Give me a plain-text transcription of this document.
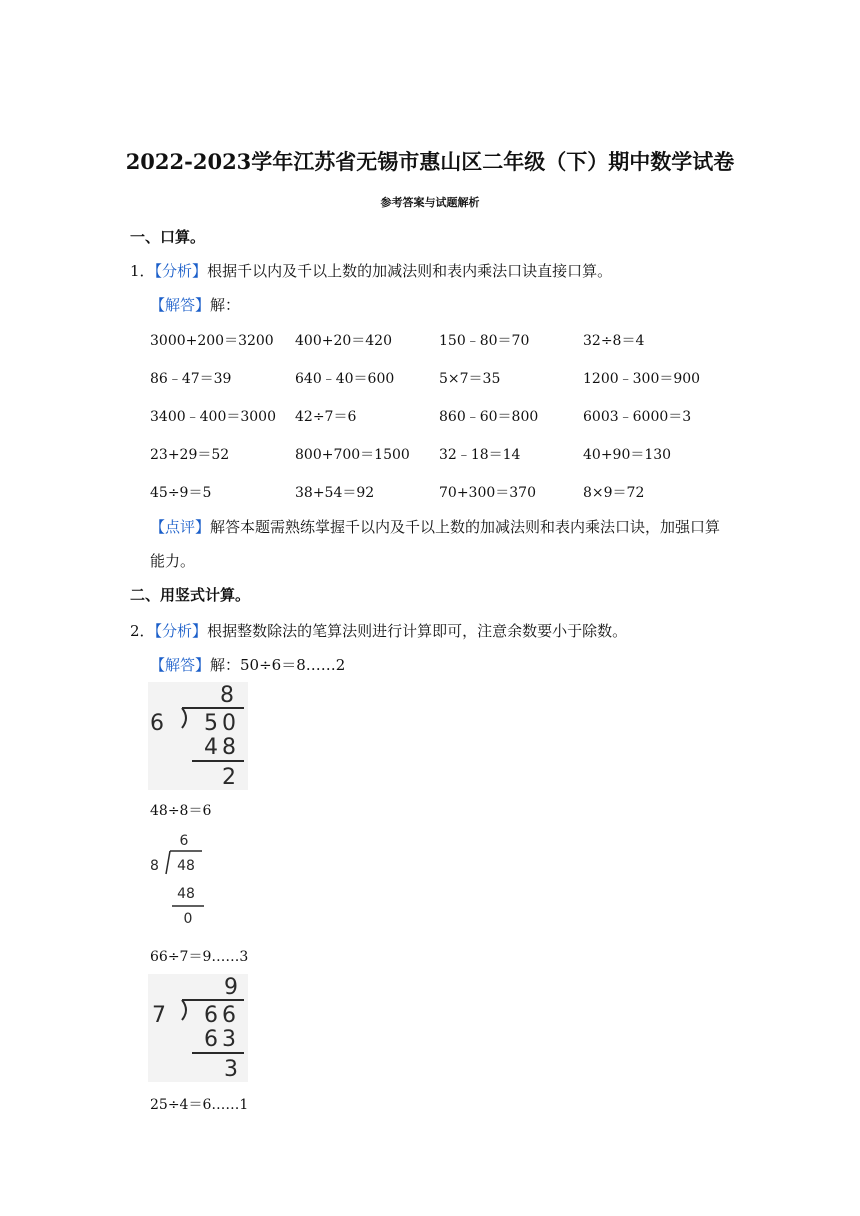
2022-2023学年江苏省无锡市惠山区二年级（下）期中数学试卷
参考答案与试题解析
一、口算。
1．【分析】根据千以内及千以上数的加减法则和表内乘法口诀直接口算。
【解答】解：
3000+200＝3200 400+20＝420	150﹣80＝70	32÷8＝4
86﹣47＝39	640﹣40＝600	5×7＝35	1200﹣300＝900
3400﹣400＝3000 42÷7＝6	860﹣60＝800	6003﹣6000＝3
23+29＝52	800+700＝1500 32﹣18＝14	40+90＝130
45÷9＝5	38+54＝92	70+300＝370	8×9＝72
【点评】解答本题需熟练掌握千以内及千以上数的加减法则和表内乘法口诀，加强口算
能力。
二、用竖式计算。
2．【分析】根据整数除法的笔算法则进行计算即可，注意余数要小于除数。
【解答】解：50÷6＝8……2
8
6 50
48
2
48÷8＝6
6
8 48
48
0
66÷7＝9……3
9
7 66
63
3
25÷4＝6……1
